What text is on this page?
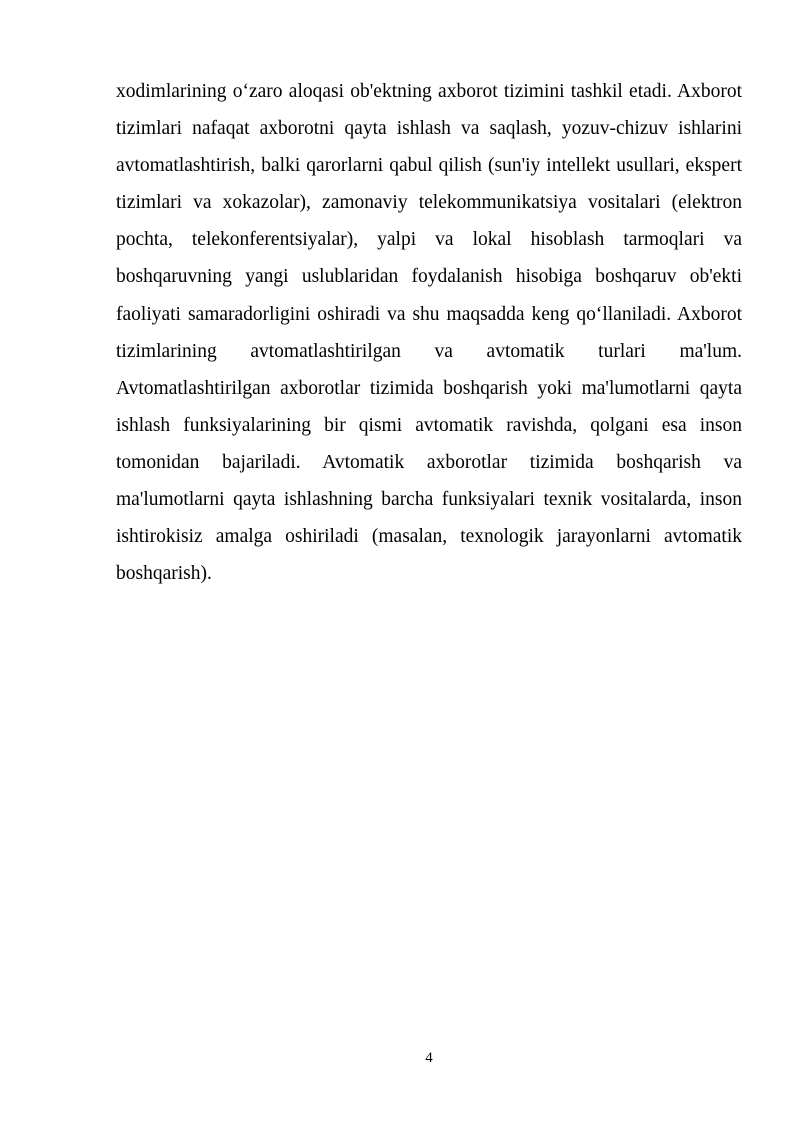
xodimlarining o‘zaro aloqasi ob'ektning axborot tizimini tashkil etadi. Axborot tizimlari nafaqat axborotni qayta ishlash va saqlash, yozuv-chizuv ishlarini avtomatlashtirish, balki qarorlarni qabul qilish (sun'iy intellekt usullari, ekspert tizimlari va xokazolar), zamonaviy telekommunikatsiya vositalari (elektron pochta, telekonferentsiyalar), yalpi va lokal hisoblash tarmoqlari va boshqaruvning yangi uslublaridan foydalanish hisobiga boshqaruv ob'ekti faoliyati samaradorligini oshiradi va shu maqsadda keng qo‘llaniladi. Axborot tizimlarining avtomatlashtirilgan va avtomatik turlari ma'lum. Avtomatlashtirilgan axborotlar tizimida boshqarish yoki ma'lumotlarni qayta ishlash funksiyalarining bir qismi avtomatik ravishda, qolgani esa inson tomonidan bajariladi. Avtomatik axborotlar tizimida boshqarish va ma'lumotlarni qayta ishlashning barcha funksiyalari texnik vositalarda, inson ishtirokisiz amalga oshiriladi (masalan, texnologik jarayonlarni avtomatik boshqarish).

4
